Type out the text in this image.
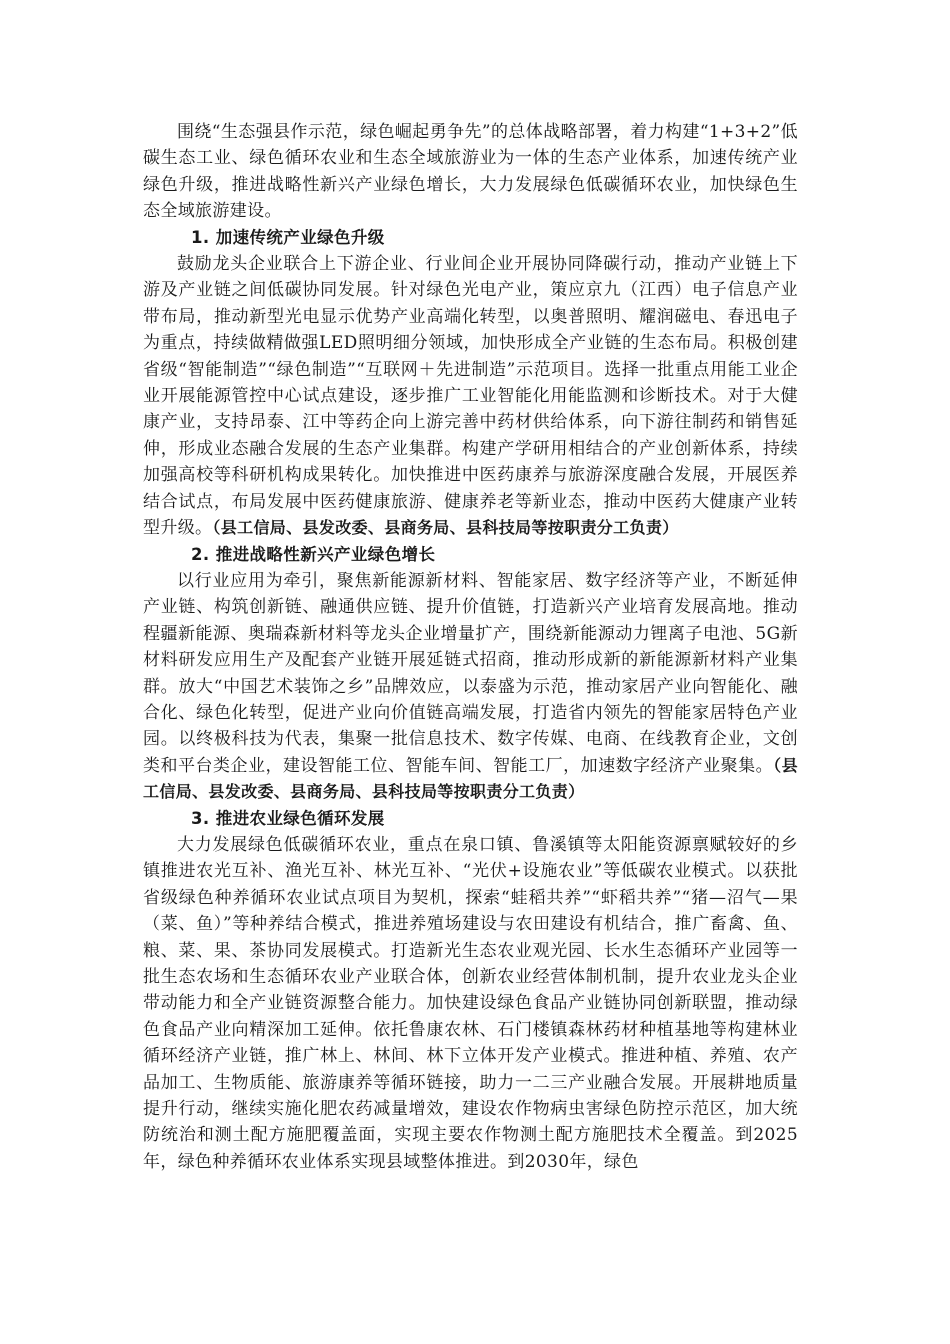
围绕“生态强县作示范，绿色崛起勇争先”的总体战略部署，着力构建“1+3+2”低碳生态工业、绿色循环农业和生态全域旅游业为一体的生态产业体系，加速传统产业绿色升级，推进战略性新兴产业绿色增长，大力发展绿色低碳循环农业，加快绿色生态全域旅游建设。

1. 加速传统产业绿色升级

鼓励龙头企业联合上下游企业、行业间企业开展协同降碳行动，推动产业链上下游及产业链之间低碳协同发展。针对绿色光电产业，策应京九（江西）电子信息产业带布局，推动新型光电显示优势产业高端化转型，以奥普照明、耀润磁电、春迅电子为重点，持续做精做强LED照明细分领域，加快形成全产业链的生态布局。积极创建省级“智能制造”“绿色制造”“互联网＋先进制造”示范项目。选择一批重点用能工业企业开展能源管控中心试点建设，逐步推广工业智能化用能监测和诊断技术。对于大健康产业，支持昂泰、江中等药企向上游完善中药材供给体系，向下游往制药和销售延伸，形成业态融合发展的生态产业集群。构建产学研用相结合的产业创新体系，持续加强高校等科研机构成果转化。加快推进中医药康养与旅游深度融合发展，开展医养结合试点，布局发展中医药健康旅游、健康养老等新业态，推动中医药大健康产业转型升级。（县工信局、县发改委、县商务局、县科技局等按职责分工负责）

2. 推进战略性新兴产业绿色增长

以行业应用为牵引，聚焦新能源新材料、智能家居、数字经济等产业，不断延伸产业链、构筑创新链、融通供应链、提升价值链，打造新兴产业培育发展高地。推动程疆新能源、奥瑞森新材料等龙头企业增量扩产，围绕新能源动力锂离子电池、5G新材料研发应用生产及配套产业链开展延链式招商，推动形成新的新能源新材料产业集群。放大“中国艺术装饰之乡”品牌效应，以泰盛为示范，推动家居产业向智能化、融合化、绿色化转型，促进产业向价值链高端发展，打造省内领先的智能家居特色产业园。以终极科技为代表，集聚一批信息技术、数字传媒、电商、在线教育企业，文创类和平台类企业，建设智能工位、智能车间、智能工厂，加速数字经济产业聚集。（县工信局、县发改委、县商务局、县科技局等按职责分工负责）

3. 推进农业绿色循环发展

大力发展绿色低碳循环农业，重点在泉口镇、鲁溪镇等太阳能资源禀赋较好的乡镇推进农光互补、渔光互补、林光互补、“光伏+设施农业”等低碳农业模式。以获批省级绿色种养循环农业试点项目为契机，探索“蛙稻共养”“虾稻共养”“猪—沼气—果（菜、鱼）”等种养结合模式，推进养殖场建设与农田建设有机结合，推广畜禽、鱼、粮、菜、果、茶协同发展模式。打造新光生态农业观光园、长水生态循环产业园等一批生态农场和生态循环农业产业联合体，创新农业经营体制机制，提升农业龙头企业带动能力和全产业链资源整合能力。加快建设绿色食品产业链协同创新联盟，推动绿色食品产业向精深加工延伸。依托鲁康农林、石门楼镇森林药材种植基地等构建林业循环经济产业链，推广林上、林间、林下立体开发产业模式。推进种植、养殖、农产品加工、生物质能、旅游康养等循环链接，助力一二三产业融合发展。开展耕地质量提升行动，继续实施化肥农药减量增效，建设农作物病虫害绿色防控示范区，加大统防统治和测土配方施肥覆盖面，实现主要农作物测土配方施肥技术全覆盖。到2025年，绿色种养循环农业体系实现县域整体推进。到2030年，绿色
